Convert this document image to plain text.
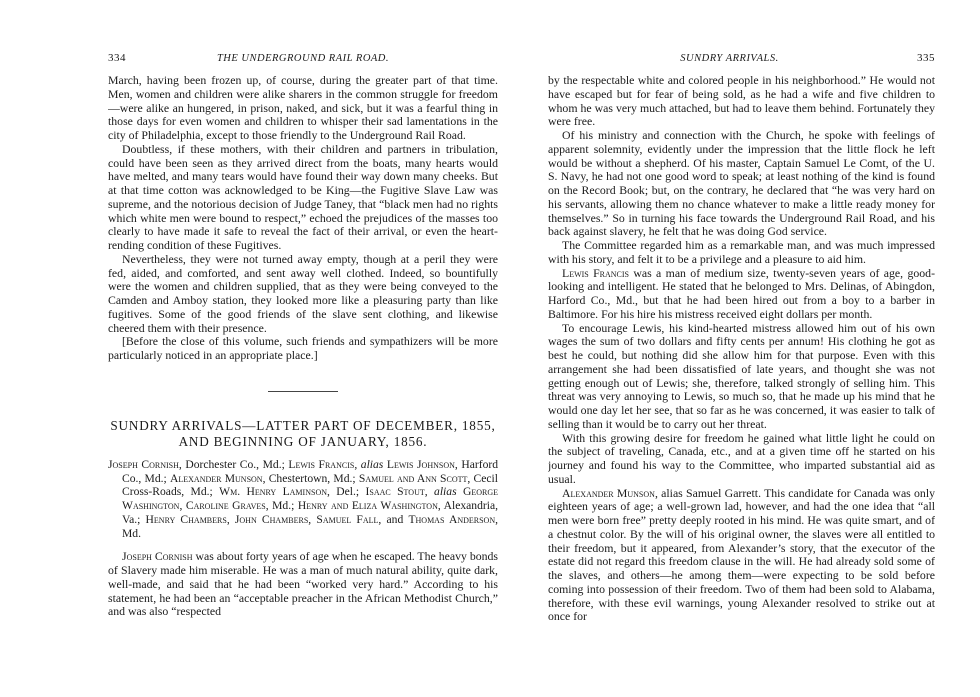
334	THE UNDERGROUND RAIL ROAD.

March, having been frozen up, of course, during the greater part of that time. Men, women and children were alike sharers in the common struggle for freedom—were alike an hungered, in prison, naked, and sick, but it was a fearful thing in those days for even women and children to whisper their sad lamentations in the city of Philadelphia, except to those friendly to the Underground Rail Road.

Doubtless, if these mothers, with their children and partners in tribulation, could have been seen as they arrived direct from the boats, many hearts would have melted, and many tears would have found their way down many cheeks. But at that time cotton was acknowledged to be King—the Fugitive Slave Law was supreme, and the notorious decision of Judge Taney, that “black men had no rights which white men were bound to respect,” echoed the prejudices of the masses too clearly to have made it safe to reveal the fact of their arrival, or even the heart-rending condition of these Fugitives.

Nevertheless, they were not turned away empty, though at a peril they were fed, aided, and comforted, and sent away well clothed. Indeed, so bountifully were the women and children supplied, that as they were being conveyed to the Camden and Amboy station, they looked more like a pleasuring party than like fugitives. Some of the good friends of the slave sent clothing, and likewise cheered them with their presence.

[Before the close of this volume, such friends and sympathizers will be more particularly noticed in an appropriate place.]

SUNDRY ARRIVALS—LATTER PART OF DECEMBER, 1855,
AND BEGINNING OF JANUARY, 1856.

Joseph Cornish, Dorchester Co., Md.; Lewis Francis, alias Lewis Johnson, Harford Co., Md.; Alexander Munson, Chestertown, Md.; Samuel and Ann Scott, Cecil Cross-Roads, Md.; Wm. Henry Laminson, Del.; Isaac Stout, alias George Washington, Caroline Graves, Md.; Henry and Eliza Washington, Alexandria, Va.; Henry Chambers, John Chambers, Samuel Fall, and Thomas Anderson, Md.

Joseph Cornish was about forty years of age when he escaped. The heavy bonds of Slavery made him miserable. He was a man of much natural ability, quite dark, well-made, and said that he had been “worked very hard.” According to his statement, he had been an “acceptable preacher in the African Methodist Church,” and was also “respected

SUNDRY ARRIVALS.	335

by the respectable white and colored people in his neighborhood.” He would not have escaped but for fear of being sold, as he had a wife and five children to whom he was very much attached, but had to leave them behind. Fortunately they were free.

Of his ministry and connection with the Church, he spoke with feelings of apparent solemnity, evidently under the impression that the little flock he left would be without a shepherd. Of his master, Captain Samuel Le Comt, of the U. S. Navy, he had not one good word to speak; at least nothing of the kind is found on the Record Book; but, on the contrary, he declared that “he was very hard on his servants, allowing them no chance whatever to make a little ready money for themselves.” So in turning his face towards the Underground Rail Road, and his back against slavery, he felt that he was doing God service.

The Committee regarded him as a remarkable man, and was much impressed with his story, and felt it to be a privilege and a pleasure to aid him.

Lewis Francis was a man of medium size, twenty-seven years of age, good-looking and intelligent. He stated that he belonged to Mrs. Delinas, of Abingdon, Harford Co., Md., but that he had been hired out from a boy to a barber in Baltimore. For his hire his mistress received eight dollars per month.

To encourage Lewis, his kind-hearted mistress allowed him out of his own wages the sum of two dollars and fifty cents per annum! His clothing he got as best he could, but nothing did she allow him for that purpose. Even with this arrangement she had been dissatisfied of late years, and thought she was not getting enough out of Lewis; she, therefore, talked strongly of selling him. This threat was very annoying to Lewis, so much so, that he made up his mind that he would one day let her see, that so far as he was concerned, it was easier to talk of selling than it would be to carry out her threat.

With this growing desire for freedom he gained what little light he could on the subject of traveling, Canada, etc., and at a given time off he started on his journey and found his way to the Committee, who imparted substantial aid as usual.

Alexander Munson, alias Samuel Garrett. This candidate for Canada was only eighteen years of age; a well-grown lad, however, and had the one idea that “all men were born free” pretty deeply rooted in his mind. He was quite smart, and of a chestnut color. By the will of his original owner, the slaves were all entitled to their freedom, but it appeared, from Alexander’s story, that the executor of the estate did not regard this freedom clause in the will. He had already sold some of the slaves, and others—he among them—were expecting to be sold before coming into possession of their freedom. Two of them had been sold to Alabama, therefore, with these evil warnings, young Alexander resolved to strike out at once for
